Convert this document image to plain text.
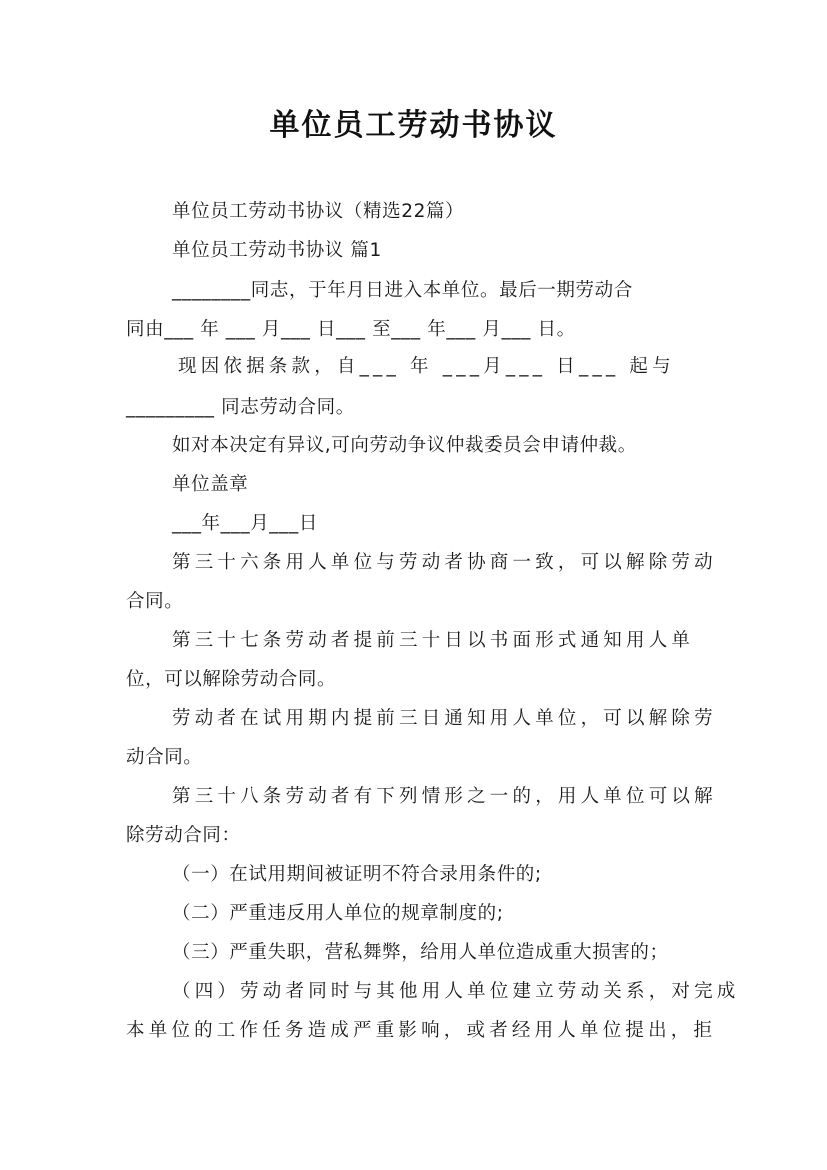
单位员工劳动书协议
单位员工劳动书协议（精选22篇）
单位员工劳动书协议 篇1
________同志，于年月日进入本单位。最后一期劳动合
同由___ 年 ___ 月___ 日___ 至___ 年___ 月___ 日。
现因依据条款，自___ 年 ___月___ 日___ 起与
_________ 同志劳动合同。
如对本决定有异议,可向劳动争议仲裁委员会申请仲裁。
单位盖章
___年___月___日
第三十六条用人单位与劳动者协商一致，可以解除劳动
合同。
第三十七条劳动者提前三十日以书面形式通知用人单
位，可以解除劳动合同。
劳动者在试用期内提前三日通知用人单位，可以解除劳
动合同。
第三十八条劳动者有下列情形之一的，用人单位可以解
除劳动合同：
（一）在试用期间被证明不符合录用条件的;
（二）严重违反用人单位的规章制度的;
（三）严重失职，营私舞弊，给用人单位造成重大损害的；
（四）劳动者同时与其他用人单位建立劳动关系，对完成
本单位的工作任务造成严重影响，或者经用人单位提出，拒
